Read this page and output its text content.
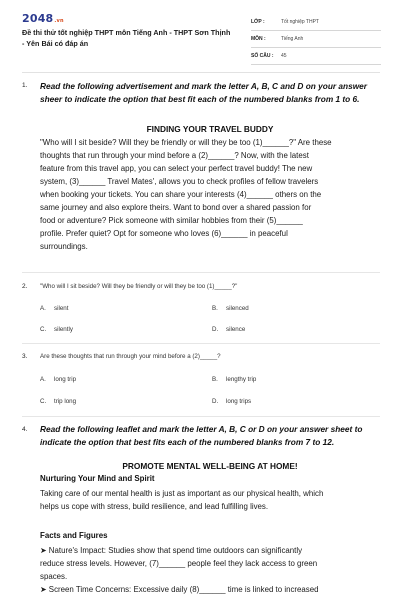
2048.vn
Đề thi thử tốt nghiệp THPT môn Tiếng Anh - THPT Sơn Thịnh - Yên Bái có đáp án
LỚP :	Tốt nghiệp THPT
MÔN :	Tiếng Anh
SỐ CÂU :	45
1. Read the following advertisement and mark the letter A, B, C and D on your answer sheer to indicate the option that best fit each of the numbered blanks from 1 to 6.
FINDING YOUR TRAVEL BUDDY
"Who will I sit beside? Will they be friendly or will they be too (1)______?" Are these
thoughts that run through your mind before a (2)______? Now, with the latest
feature from this travel app, you can select your perfect travel buddy! The new
system, (3)______ Travel Mates', allows you to check profiles of fellow travelers
when booking your tickets. You can share your interests (4)______ others on the
same journey and also explore theirs. Want to bond over a shared passion for
food or adventure? Pick someone with similar hobbies from their (5)______
profile. Prefer quiet? Opt for someone who loves (6)______ in peaceful
surroundings.
2. "Who will I sit beside? Will they be friendly or will they be too (1)_____?"
A. silent	B. silenced
C. silently	D. silence
3. Are these thoughts that run through your mind before a (2)_____?
A. long trip	B. lengthy trip
C. trip long	D. long trips
4. Read the following leaflet and mark the letter A, B, C or D on your answer sheet to indicate the option that best fits each of the numbered blanks from 7 to 12.
PROMOTE MENTAL WELL-BEING AT HOME!
Nurturing Your Mind and Spirit
Taking care of our mental health is just as important as our physical health, which
helps us cope with stress, build resilience, and lead fulfilling lives.
Facts and Figures
➤ Nature's Impact: Studies show that spend time outdoors can significantly
reduce stress levels. However, (7)______ people feel they lack access to green
spaces.
➤ Screen Time Concerns: Excessive daily (8)______ time is linked to increased
